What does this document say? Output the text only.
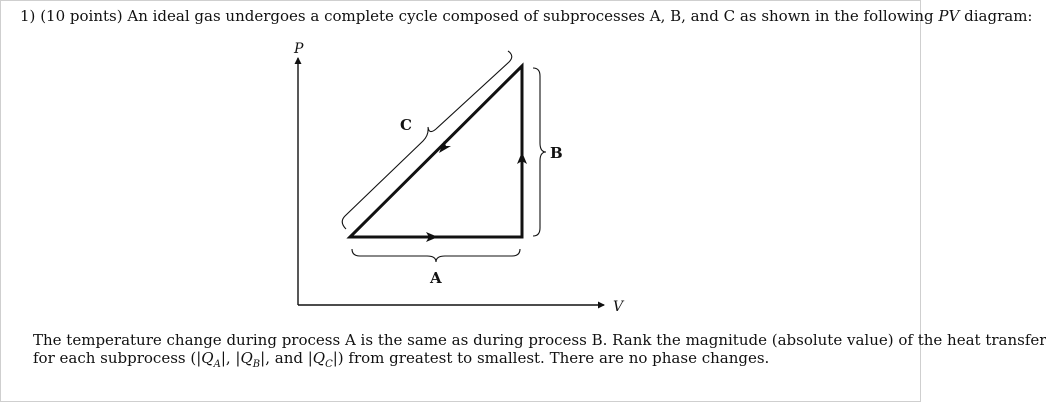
1) (10 points) An ideal gas undergoes a complete cycle composed of subprocesses A, B, and C as shown in the following PV diagram:
P
V
A
B
C

The temperature change during process A is the same as during process B. Rank the magnitude (absolute value) of the heat transfer

for each subprocess ($|Q_A|$, $|Q_B|$, and $|Q_C|$) from greatest to smallest. There are no phase changes.
